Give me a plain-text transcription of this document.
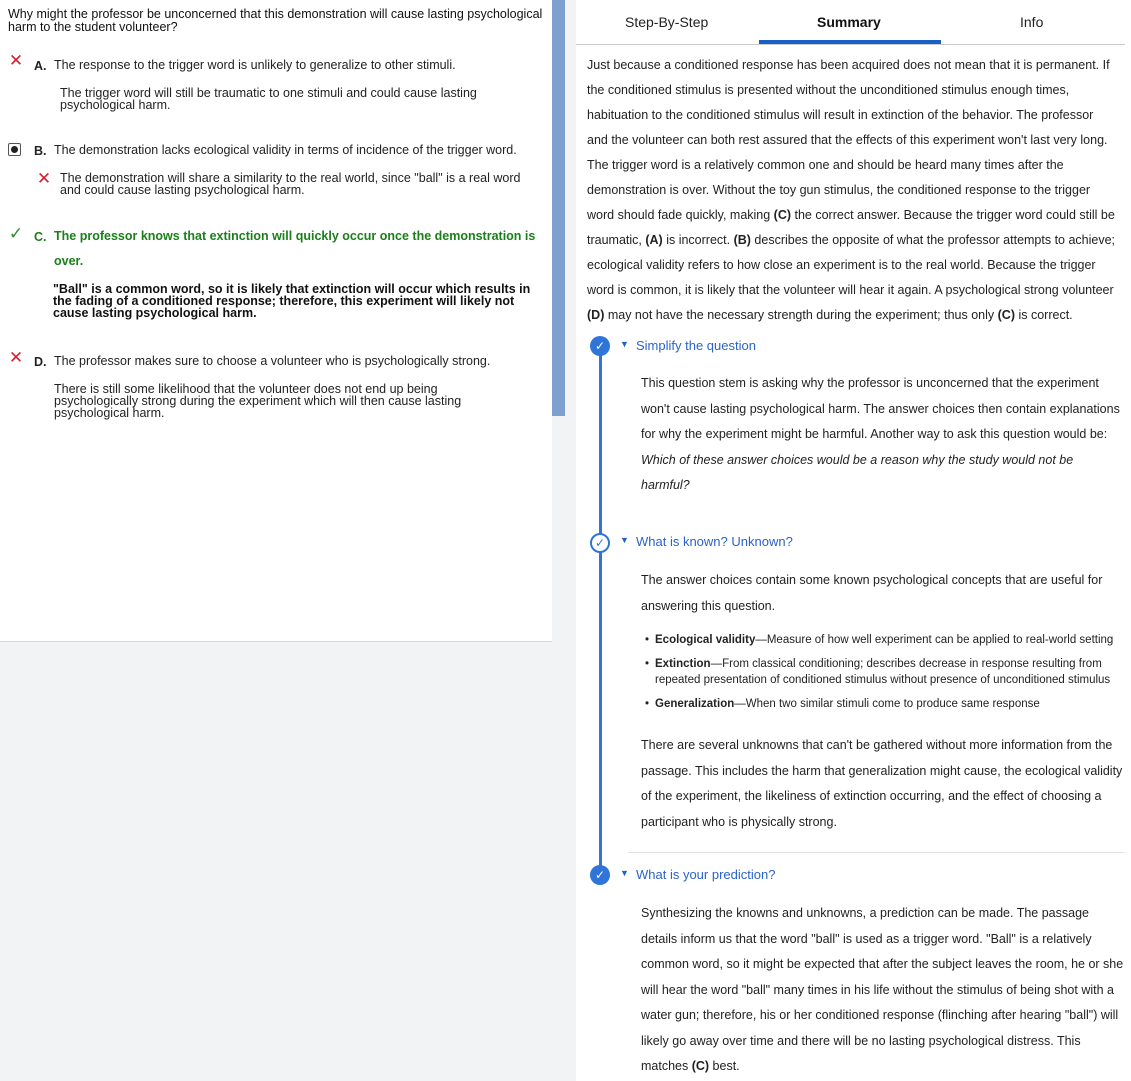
Why might the professor be unconcerned that this demonstration will cause lasting psychological harm to the student volunteer?
✕ A. The response to the trigger word is unlikely to generalize to other stimuli.
The trigger word will still be traumatic to one stimuli and could cause lasting psychological harm.
B. The demonstration lacks ecological validity in terms of incidence of the trigger word.
✕ The demonstration will share a similarity to the real world, since "ball" is a real word and could cause lasting psychological harm.
✓ C. The professor knows that extinction will quickly occur once the demonstration is
over.
"Ball" is a common word, so it is likely that extinction will occur which results in the fading of a conditioned response; therefore, this experiment will likely not cause lasting psychological harm.
✕ D. The professor makes sure to choose a volunteer who is psychologically strong.
There is still some likelihood that the volunteer does not end up being psychologically strong during the experiment which will then cause lasting psychological harm.
Step-By-Step	Summary	Info
Just because a conditioned response has been acquired does not mean that it is permanent. If the conditioned stimulus is presented without the unconditioned stimulus enough times, habituation to the conditioned stimulus will result in extinction of the behavior. The professor and the volunteer can both rest assured that the effects of this experiment won't last very long. The trigger word is a relatively common one and should be heard many times after the demonstration is over. Without the toy gun stimulus, the conditioned response to the trigger word should fade quickly, making (C) the correct answer. Because the trigger word could still be traumatic, (A) is incorrect. (B) describes the opposite of what the professor attempts to achieve; ecological validity refers to how close an experiment is to the real world. Because the trigger word is common, it is likely that the volunteer will hear it again. A psychological strong volunteer (D) may not have the necessary strength during the experiment; thus only (C) is correct.
✓	▼ Simplify the question
This question stem is asking why the professor is unconcerned that the experiment won't cause lasting psychological harm. The answer choices then contain explanations for why the experiment might be harmful. Another way to ask this question would be: Which of these answer choices would be a reason why the study would not be harmful?
✓	▼ What is known? Unknown?
The answer choices contain some known psychological concepts that are useful for answering this question.
• Ecological validity—Measure of how well experiment can be applied to real-world setting
• Extinction—From classical conditioning; describes decrease in response resulting from repeated presentation of conditioned stimulus without presence of unconditioned stimulus
• Generalization—When two similar stimuli come to produce same response
There are several unknowns that can't be gathered without more information from the passage. This includes the harm that generalization might cause, the ecological validity of the experiment, the likeliness of extinction occurring, and the effect of choosing a participant who is physically strong.
✓	▼ What is your prediction?
Synthesizing the knowns and unknowns, a prediction can be made. The passage details inform us that the word "ball" is used as a trigger word. "Ball" is a relatively common word, so it might be expected that after the subject leaves the room, he or she will hear the word "ball" many times in his life without the stimulus of being shot with a water gun; therefore, his or her conditioned response (flinching after hearing "ball") will likely go away over time and there will be no lasting psychological distress. This matches (C) best.
